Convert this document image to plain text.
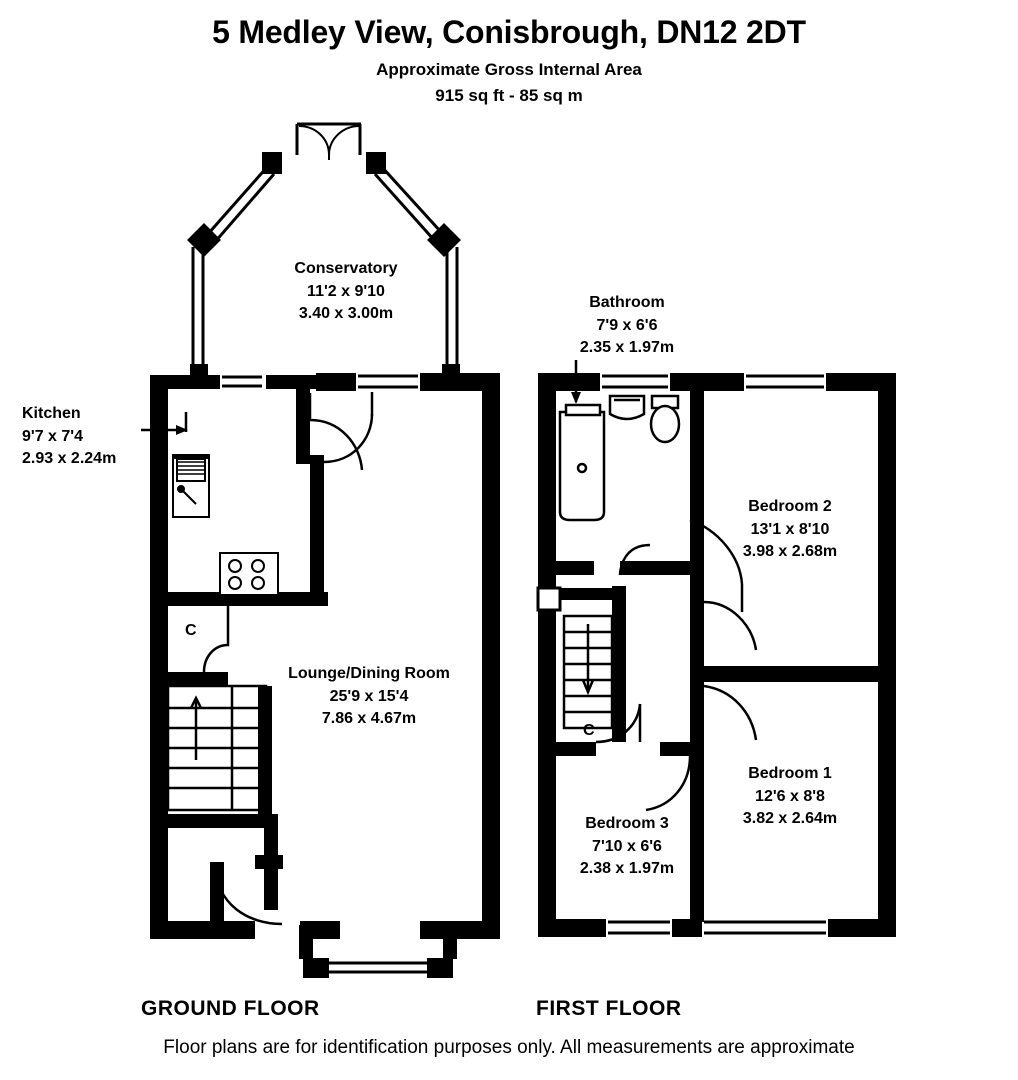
5 Medley View, Conisbrough, DN12 2DT
Approximate Gross Internal Area
915 sq ft - 85 sq m
Conservatory
11'2 x 9'10
3.40 x 3.00m
Kitchen
9'7 x 7'4
2.93 x 2.24m
Lounge/Dining Room
25'9 x 15'4
7.86 x 4.67m
C
Bathroom
7'9 x 6'6
2.35 x 1.97m
Bedroom 2
13'1 x 8'10
3.98 x 2.68m
Bedroom 1
12'6 x 8'8
3.82 x 2.64m
Bedroom 3
7'10 x 6'6
2.38 x 1.97m
C
GROUND FLOOR	FIRST FLOOR
Floor plans are for identification purposes only. All measurements are approximate
